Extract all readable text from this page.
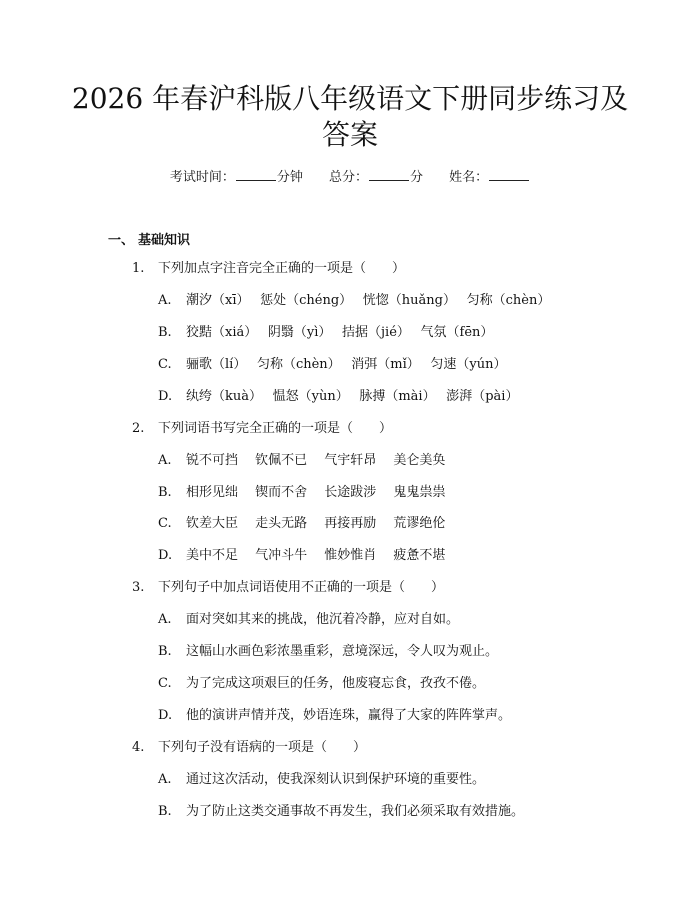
2026 年春沪科版八年级语文下册同步练习及
答案
考试时间：	分钟 总分：	分 姓名：
一、 基础知识
1. 下列加点字注音完全正确的一项是（　　）
A. 潮汐（xī）　 惩处（chéng）　 恍惚（huǎng）　 匀称（chèn）
B. 狡黠（xiá）　 阴翳（yì）　 拮据（jié）　 气氛（fēn）
C. 骊歌（lí）　 匀称（chèn）　 消弭（mǐ）　 匀速（yún）
D. 纨绔（kuà）　 愠怒（yùn）　 脉搏（mài）　 澎湃（pài）
2. 下列词语书写完全正确的一项是（　　）
A. 锐不可挡　 钦佩不已　 气宇轩昂　 美仑美奂
B. 相形见绌　 锲而不舍　 长途跋涉　 鬼鬼祟祟
C. 钦差大臣　 走头无路　 再接再励　 荒谬绝伦
D. 美中不足　 气冲斗牛　 惟妙惟肖　 疲惫不堪
3. 下列句子中加点词语使用不正确的一项是（　　）
A. 面对突如其来的挑战，他沉着冷静，应对自如。
B. 这幅山水画色彩浓墨重彩，意境深远，令人叹为观止。
C. 为了完成这项艰巨的任务，他废寝忘食，孜孜不倦。
D. 他的演讲声情并茂，妙语连珠，赢得了大家的阵阵掌声。
4. 下列句子没有语病的一项是（　　）
A. 通过这次活动，使我深刻认识到保护环境的重要性。
B. 为了防止这类交通事故不再发生，我们必须采取有效措施。
